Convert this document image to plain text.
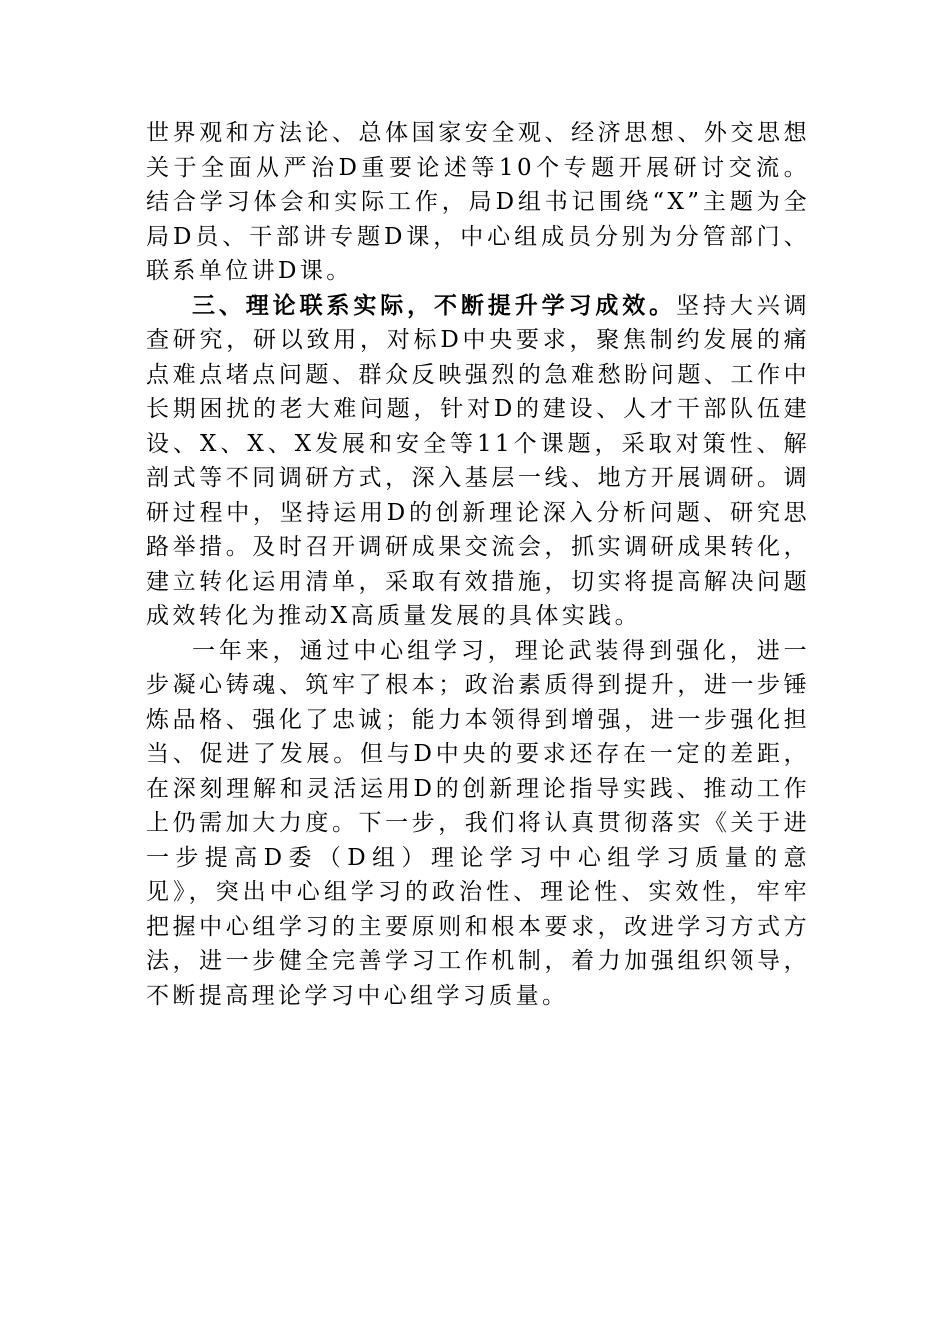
世界观和方法论、总体国家安全观、经济思想、外交思想关于全面从严治D重要论述等10个专题开展研讨交流。结合学习体会和实际工作，局D组书记围绕“X”主题为全局D员、干部讲专题D课，中心组成员分别为分管部门、联系单位讲D课。

三、理论联系实际，不断提升学习成效。坚持大兴调查研究，研以致用，对标D中央要求，聚焦制约发展的痛点难点堵点问题、群众反映强烈的急难愁盼问题、工作中长期困扰的老大难问题，针对D的建设、人才干部队伍建设、X、X、X发展和安全等11个课题，采取对策性、解剖式等不同调研方式，深入基层一线、地方开展调研。调研过程中，坚持运用D的创新理论深入分析问题、研究思路举措。及时召开调研成果交流会，抓实调研成果转化，建立转化运用清单，采取有效措施，切实将提高解决问题成效转化为推动X高质量发展的具体实践。

一年来，通过中心组学习，理论武装得到强化，进一步凝心铸魂、筑牢了根本；政治素质得到提升，进一步锤炼品格、强化了忠诚；能力本领得到增强，进一步强化担当、促进了发展。但与D中央的要求还存在一定的差距，在深刻理解和灵活运用D的创新理论指导实践、推动工作上仍需加大力度。下一步，我们将认真贯彻落实《关于进一步提高D委（D组）理论学习中心组学习质量的意见》，突出中心组学习的政治性、理论性、实效性，牢牢把握中心组学习的主要原则和根本要求，改进学习方式方法，进一步健全完善学习工作机制，着力加强组织领导，不断提高理论学习中心组学习质量。
